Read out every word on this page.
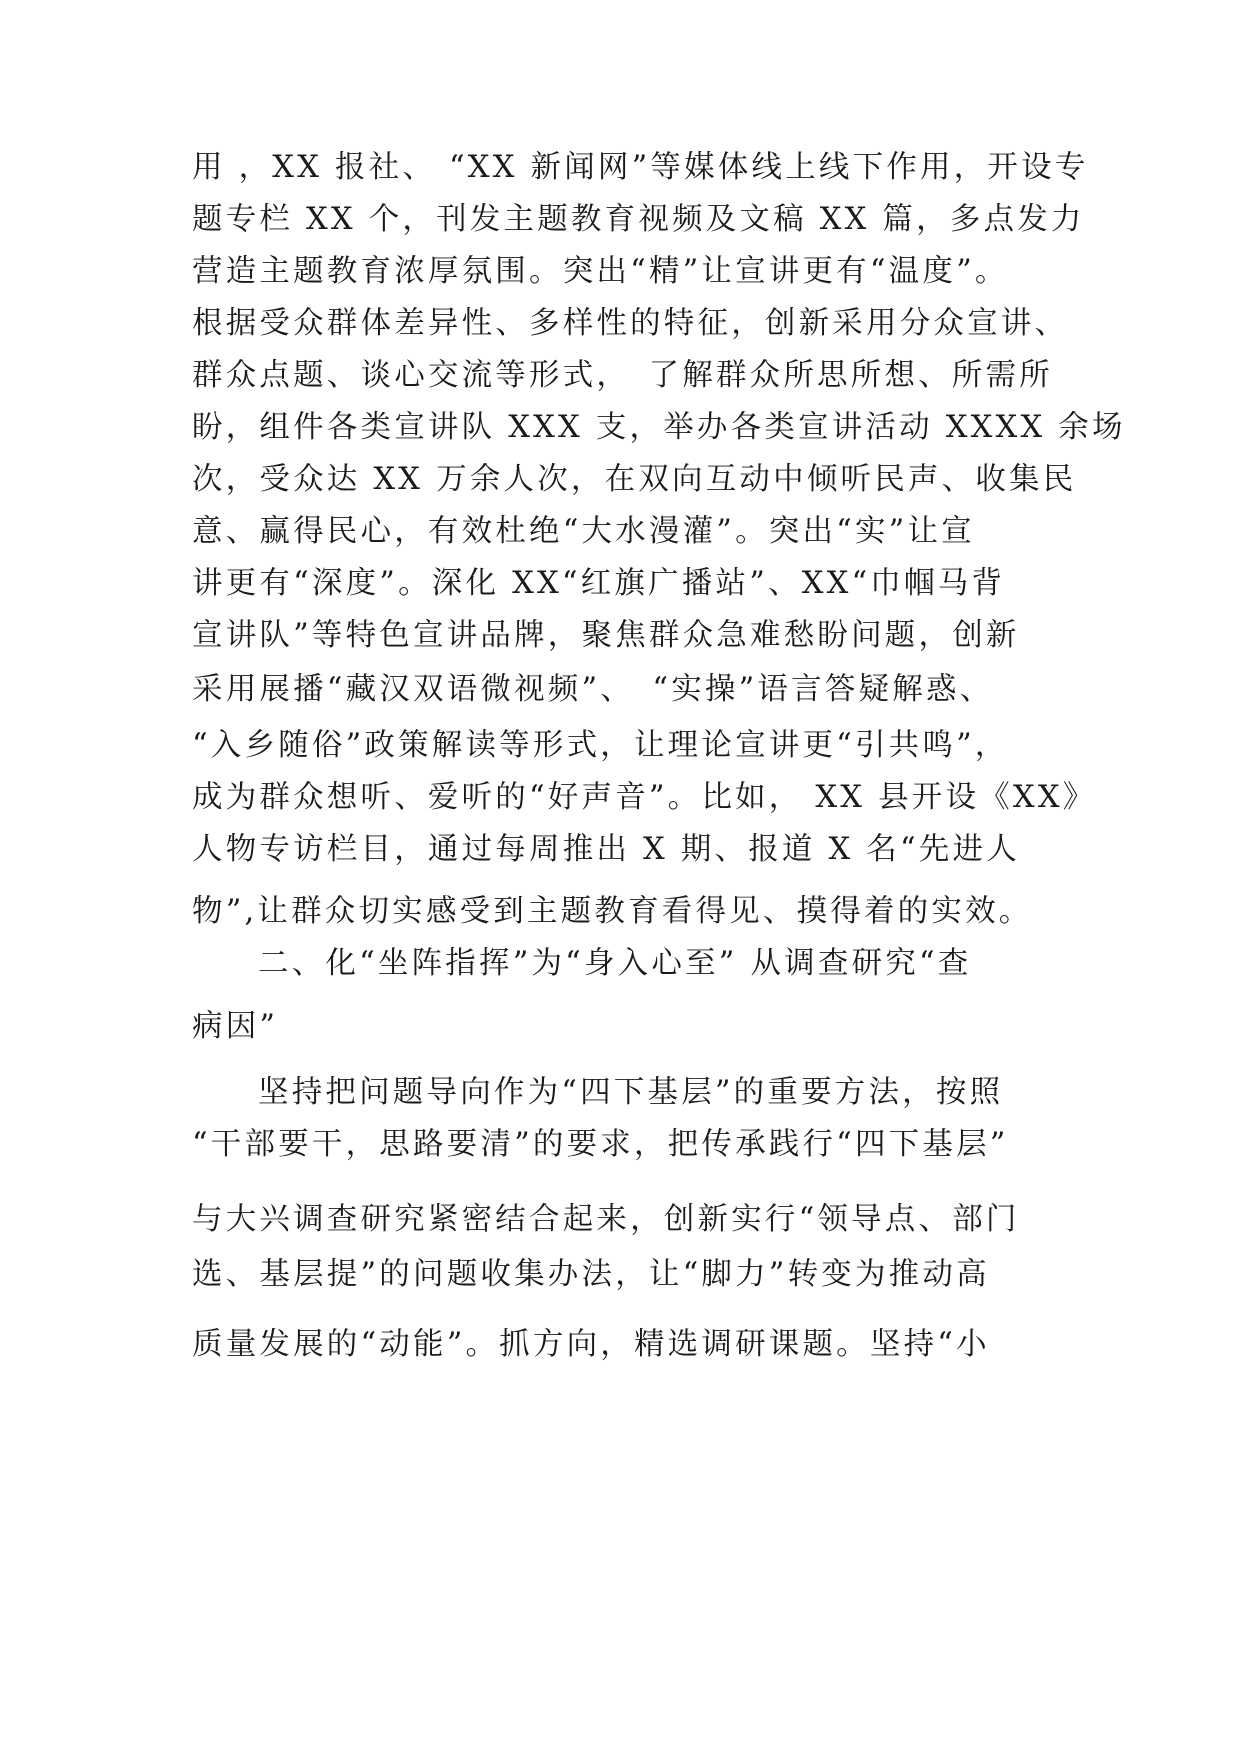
用 ，XX 报社、 “XX 新闻网”等媒体线上线下作用，开设专
题专栏 XX 个，刊发主题教育视频及文稿 XX 篇，多点发力
营造主题教育浓厚氛围。突出“精”让宣讲更有“温度”。
根据受众群体差异性、多样性的特征，创新采用分众宣讲、
群众点题、谈心交流等形式，　了解群众所思所想、所需所
盼，组件各类宣讲队 XXX 支，举办各类宣讲活动 XXXX 余场
次，受众达 XX 万余人次，在双向互动中倾听民声、收集民
意、赢得民心，有效杜绝“大水漫灌”。突出“实”让宣
讲更有“深度”。深化 XX“红旗广播站”、XX“巾帼马背
宣讲队”等特色宣讲品牌，聚焦群众急难愁盼问题，创新
采用展播“藏汉双语微视频”、　“实操”语言答疑解惑、
“入乡随俗”政策解读等形式，让理论宣讲更“引共鸣”，
成为群众想听、爱听的“好声音”。比如， XX 县开设《XX》
人物专访栏目，通过每周推出 X 期、报道 X 名“先进人
物”,让群众切实感受到主题教育看得见、摸得着的实效。
二、化“坐阵指挥”为“身入心至” 从调查研究“查
病因”
坚持把问题导向作为“四下基层”的重要方法，按照
“干部要干，思路要清”的要求，把传承践行“四下基层”
与大兴调查研究紧密结合起来，创新实行“领导点、部门
选、基层提”的问题收集办法，让“脚力”转变为推动高
质量发展的“动能”。抓方向，精选调研课题。坚持“小
